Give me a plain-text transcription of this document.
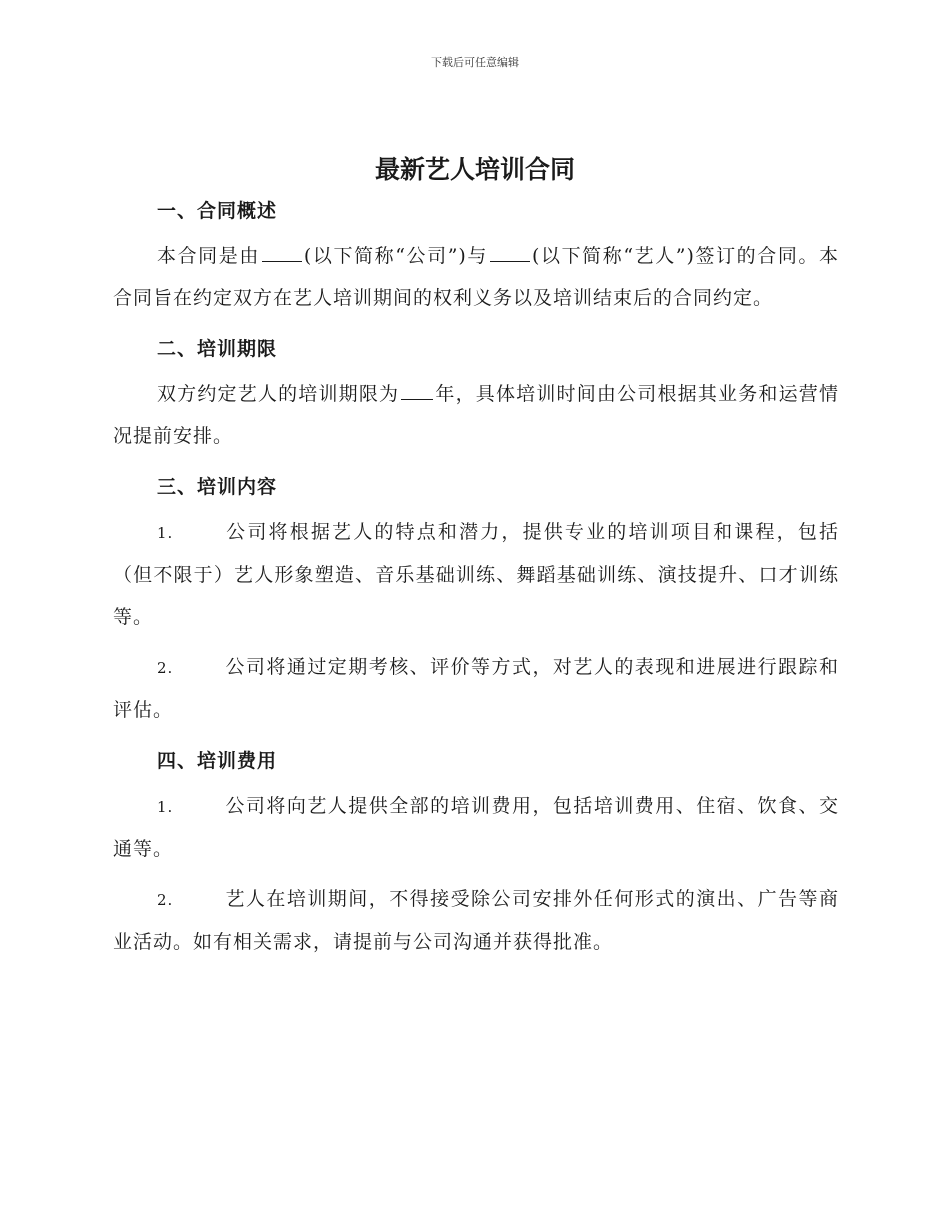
下载后可任意编辑
最新艺人培训合同
一、合同概述

本合同是由 (以下简称“公司”)与 (以下简称“艺人”)签订的合同。本合同旨在约定双方在艺人培训期间的权利义务以及培训结束后的合同约定。

二、培训期限

双方约定艺人的培训期限为 年，具体培训时间由公司根据其业务和运营情况提前安排。

三、培训内容

1.	公司将根据艺人的特点和潜力，提供专业的培训项目和课程，包括（但不限于）艺人形象塑造、音乐基础训练、舞蹈基础训练、演技提升、口才训练等。

2.	公司将通过定期考核、评价等方式，对艺人的表现和进展进行跟踪和评估。

四、培训费用

1.	公司将向艺人提供全部的培训费用，包括培训费用、住宿、饮食、交通等。

2.	艺人在培训期间，不得接受除公司安排外任何形式的演出、广告等商业活动。如有相关需求，请提前与公司沟通并获得批准。
